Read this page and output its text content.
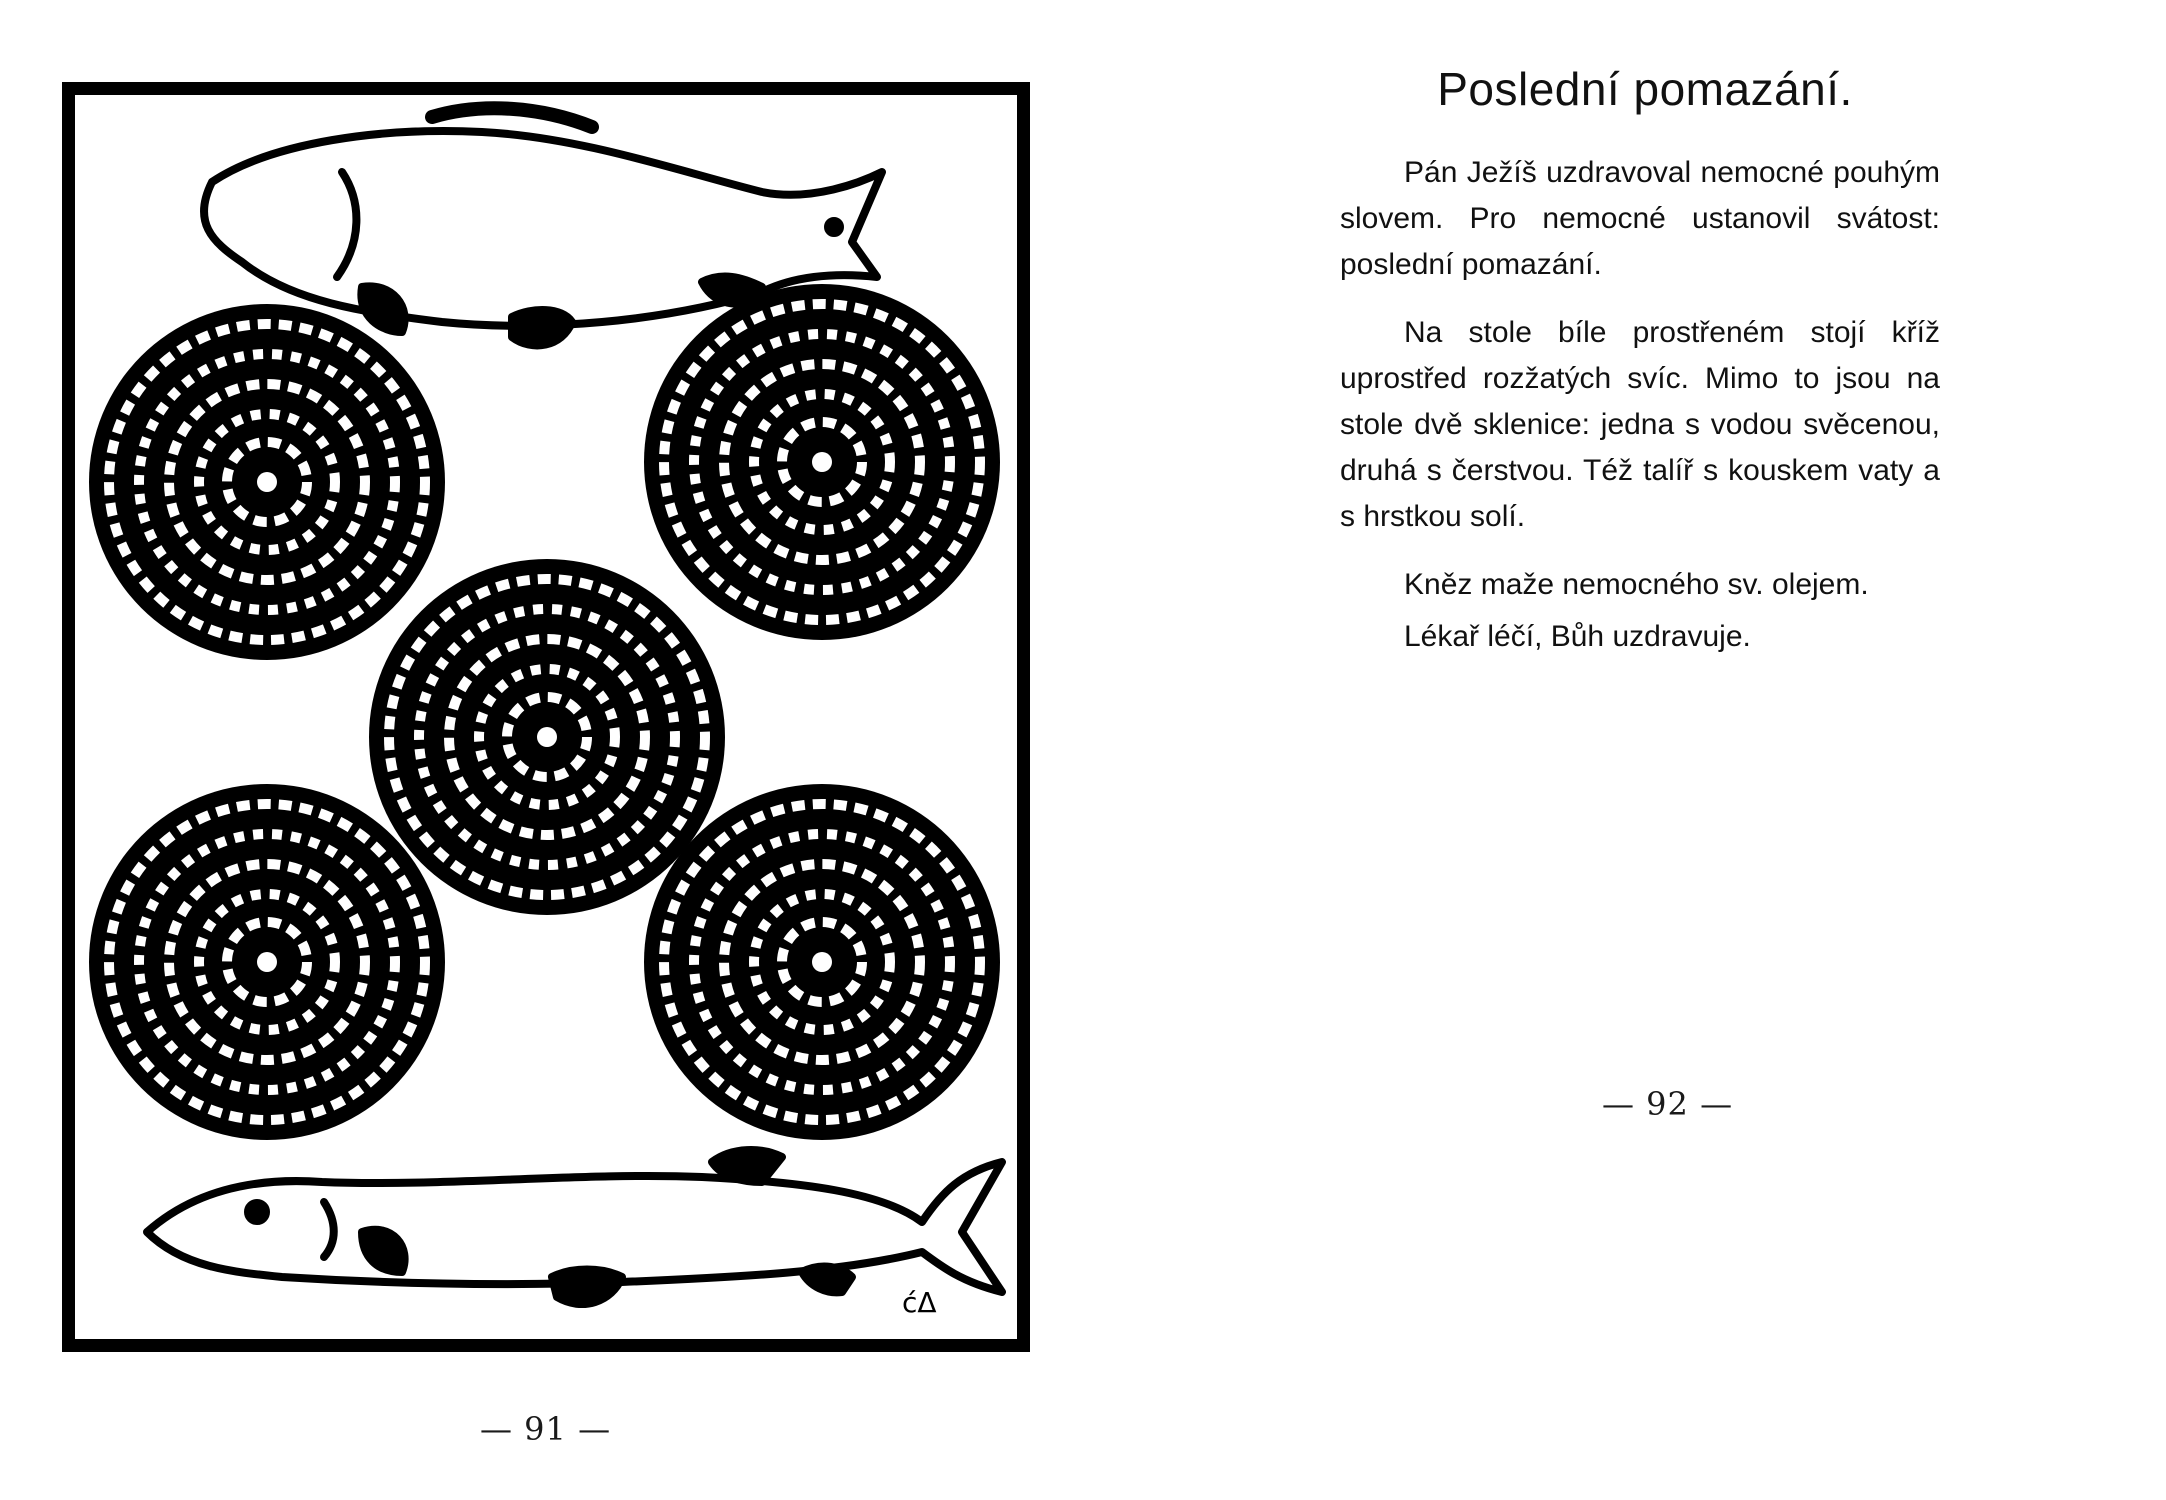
ćΔ
— 91 —
Poslední pomazání.

Pán Ježíš uzdravoval nemocné pouhým slovem. Pro nemocné ustanovil svátost: poslední pomazání.

Na stole bíle prostřeném stojí kříž uprostřed rozžatých svíc. Mimo to jsou na stole dvě sklenice: jedna s vodou svěcenou, druhá s čerstvou. Též talíř s kouskem vaty a s hrstkou solí.

Kněz maže nemocného sv. olejem.

Lékař léčí, Bůh uzdravuje.

— 92 —
